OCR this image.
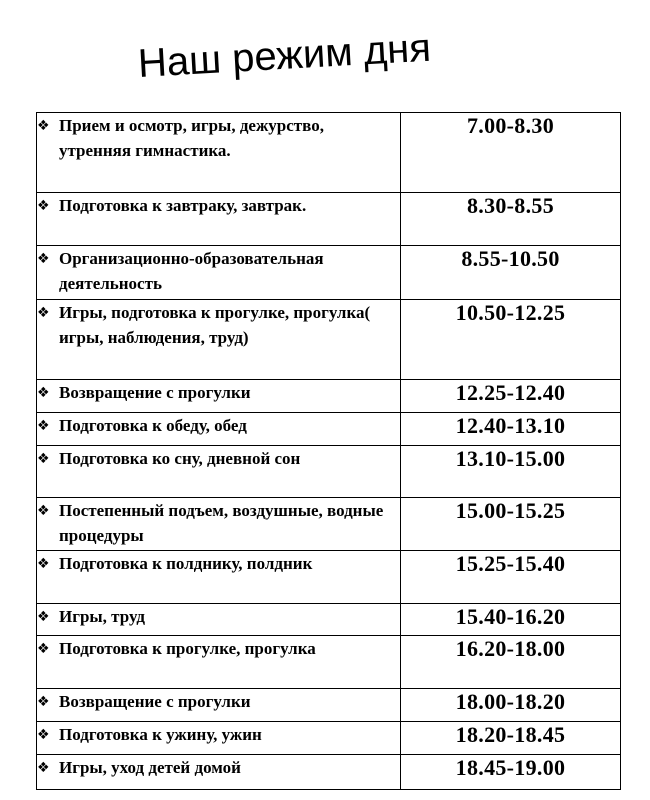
Наш режим дня
❖ Прием и осмотр, игры, дежурство, утренняя гимнастика.	7.00-8.30

❖ Подготовка к завтраку, завтрак.	8.30-8.55

❖ Организационно-образовательная деятельность	8.55-10.50

❖ Игры, подготовка к прогулке, прогулка( игры, наблюдения, труд)	10.50-12.25

❖ Возвращение с прогулки	12.25-12.40

❖ Подготовка к обеду, обед	12.40-13.10

❖ Подготовка ко сну, дневной сон	13.10-15.00

❖ Постепенный подъем, воздушные, водные процедуры	15.00-15.25

❖ Подготовка к полднику, полдник	15.25-15.40

❖ Игры, труд	15.40-16.20

❖ Подготовка к прогулке, прогулка	16.20-18.00

❖ Возвращение с прогулки	18.00-18.20

❖ Подготовка к ужину, ужин	18.20-18.45

❖ Игры, уход детей домой	18.45-19.00
